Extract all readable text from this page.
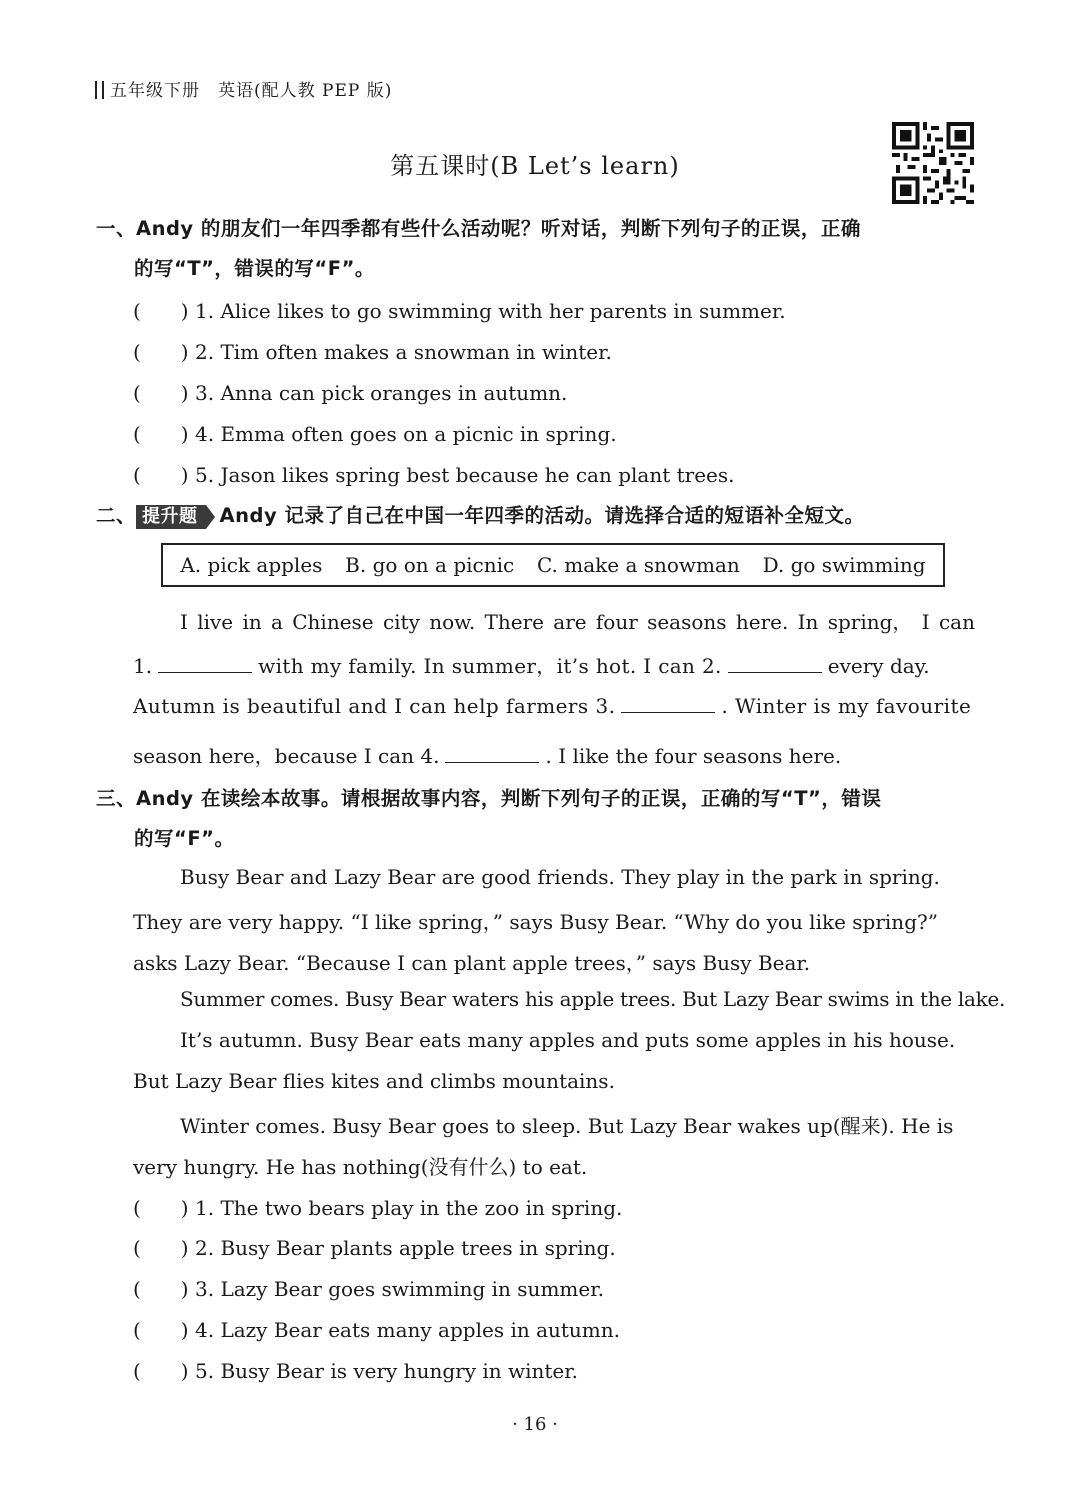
五年级下册　英语(配人教 PEP 版)
第五课时(B Let’s learn)
一、Andy 的朋友们一年四季都有些什么活动呢？听对话，判断下列句子的正误，正确
的写“T”，错误的写“F”。
(　　) 1. Alice likes to go swimming with her parents in summer.
(　　) 2. Tim often makes a snowman in winter.
(　　) 3. Anna can pick oranges in autumn.
(　　) 4. Emma often goes on a picnic in spring.
(　　) 5. Jason likes spring best because he can plant trees.
二、 提升题 Andy 记录了自己在中国一年四季的活动。请选择合适的短语补全短文。
A. pick apples B. go on a picnic C. make a snowman D. go swimming
I live in a Chinese city now. There are four seasons here. In spring， I can
1.	with my family. In summer，it’s hot. I can 2.	every day.
Autumn is beautiful and I can help farmers 3.	. Winter is my favourite
season here，because I can 4.	. I like the four seasons here.
三、Andy 在读绘本故事。请根据故事内容，判断下列句子的正误，正确的写“T”，错误
的写“F”。
Busy Bear and Lazy Bear are good friends. They play in the park in spring.
They are very happy. “I like spring，” says Busy Bear. “Why do you like spring?”
asks Lazy Bear. “Because I can plant apple trees，” says Busy Bear.
Summer comes. Busy Bear waters his apple trees. But Lazy Bear swims in the lake.
It’s autumn. Busy Bear eats many apples and puts some apples in his house.
But Lazy Bear flies kites and climbs mountains.
Winter comes. Busy Bear goes to sleep. But Lazy Bear wakes up(醒来). He is
very hungry. He has nothing(没有什么) to eat.
(　　) 1. The two bears play in the zoo in spring.
(　　) 2. Busy Bear plants apple trees in spring.
(　　) 3. Lazy Bear goes swimming in summer.
(　　) 4. Lazy Bear eats many apples in autumn.
(　　) 5. Busy Bear is very hungry in winter.
· 16 ·
